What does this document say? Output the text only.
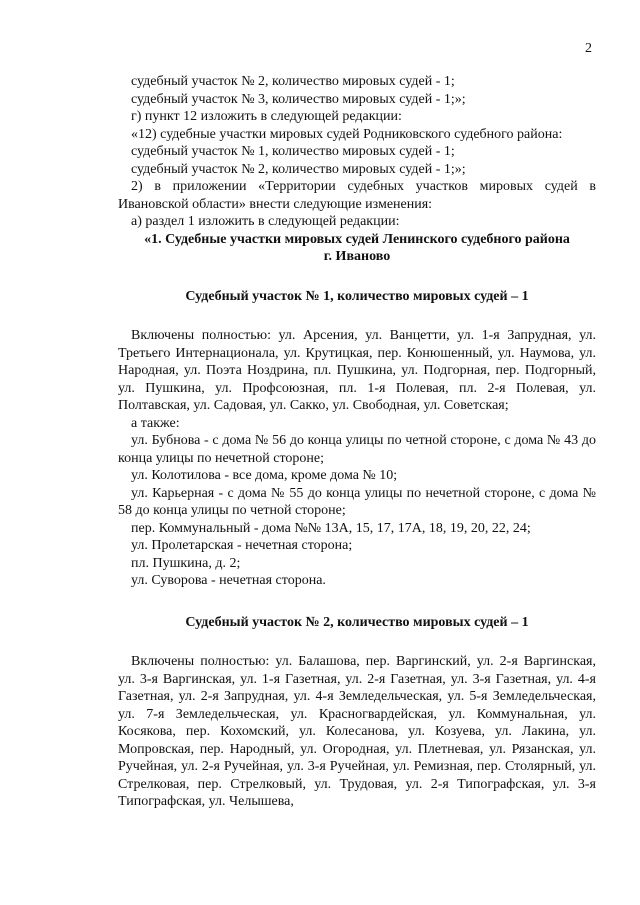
2

судебный участок № 2, количество мировых судей - 1;

судебный участок № 3, количество мировых судей - 1;»;

г) пункт 12 изложить в следующей редакции:

«12) судебные участки мировых судей Родниковского судебного района:

судебный участок № 1, количество мировых судей - 1;

судебный участок № 2, количество мировых судей - 1;»;

2) в приложении «Территории судебных участков мировых судей в Ивановской области» внести следующие изменения:

а) раздел 1 изложить в следующей редакции:

«1. Судебные участки мировых судей Ленинского судебного района

г. Иваново

Судебный участок № 1, количество мировых судей – 1

Включены полностью: ул. Арсения, ул. Ванцетти, ул. 1-я Запрудная, ул. Третьего Интернационала, ул. Крутицкая, пер. Конюшенный, ул. Наумова, ул. Народная, ул. Поэта Ноздрина, пл. Пушкина, ул. Подгорная, пер. Подгорный, ул. Пушкина, ул. Профсоюзная, пл. 1-я Полевая, пл. 2-я Полевая, ул. Полтавская, ул. Садовая, ул. Сакко, ул. Свободная, ул. Советская;

а также:

ул. Бубнова - с дома № 56 до конца улицы по четной стороне, с дома № 43 до конца улицы по нечетной стороне;

ул. Колотилова - все дома, кроме дома № 10;

ул. Карьерная - с дома № 55 до конца улицы по нечетной стороне, с дома № 58 до конца улицы по четной стороне;

пер. Коммунальный - дома №№ 13А, 15, 17, 17А, 18, 19, 20, 22, 24;

ул. Пролетарская - нечетная сторона;

пл. Пушкина, д. 2;

ул. Суворова - нечетная сторона.

Судебный участок № 2, количество мировых судей – 1

Включены полностью: ул. Балашова, пер. Варгинский, ул. 2-я Варгинская, ул. 3-я Варгинская, ул. 1-я Газетная, ул. 2-я Газетная, ул. 3-я Газетная, ул. 4-я Газетная, ул. 2-я Запрудная, ул. 4-я Земледельческая, ул. 5-я Земледельческая, ул. 7-я Земледельческая, ул. Красногвардейская, ул. Коммунальная, ул. Косякова, пер. Кохомский, ул. Колесанова, ул. Козуева, ул. Лакина, ул. Мопровская, пер. Народный, ул. Огородная, ул. Плетневая, ул. Рязанская, ул. Ручейная, ул. 2-я Ручейная, ул. 3-я Ручейная, ул. Ремизная, пер. Столярный, ул. Стрелковая, пер. Стрелковый, ул. Трудовая, ул. 2-я Типографская, ул. 3-я Типографская, ул. Челышева,
